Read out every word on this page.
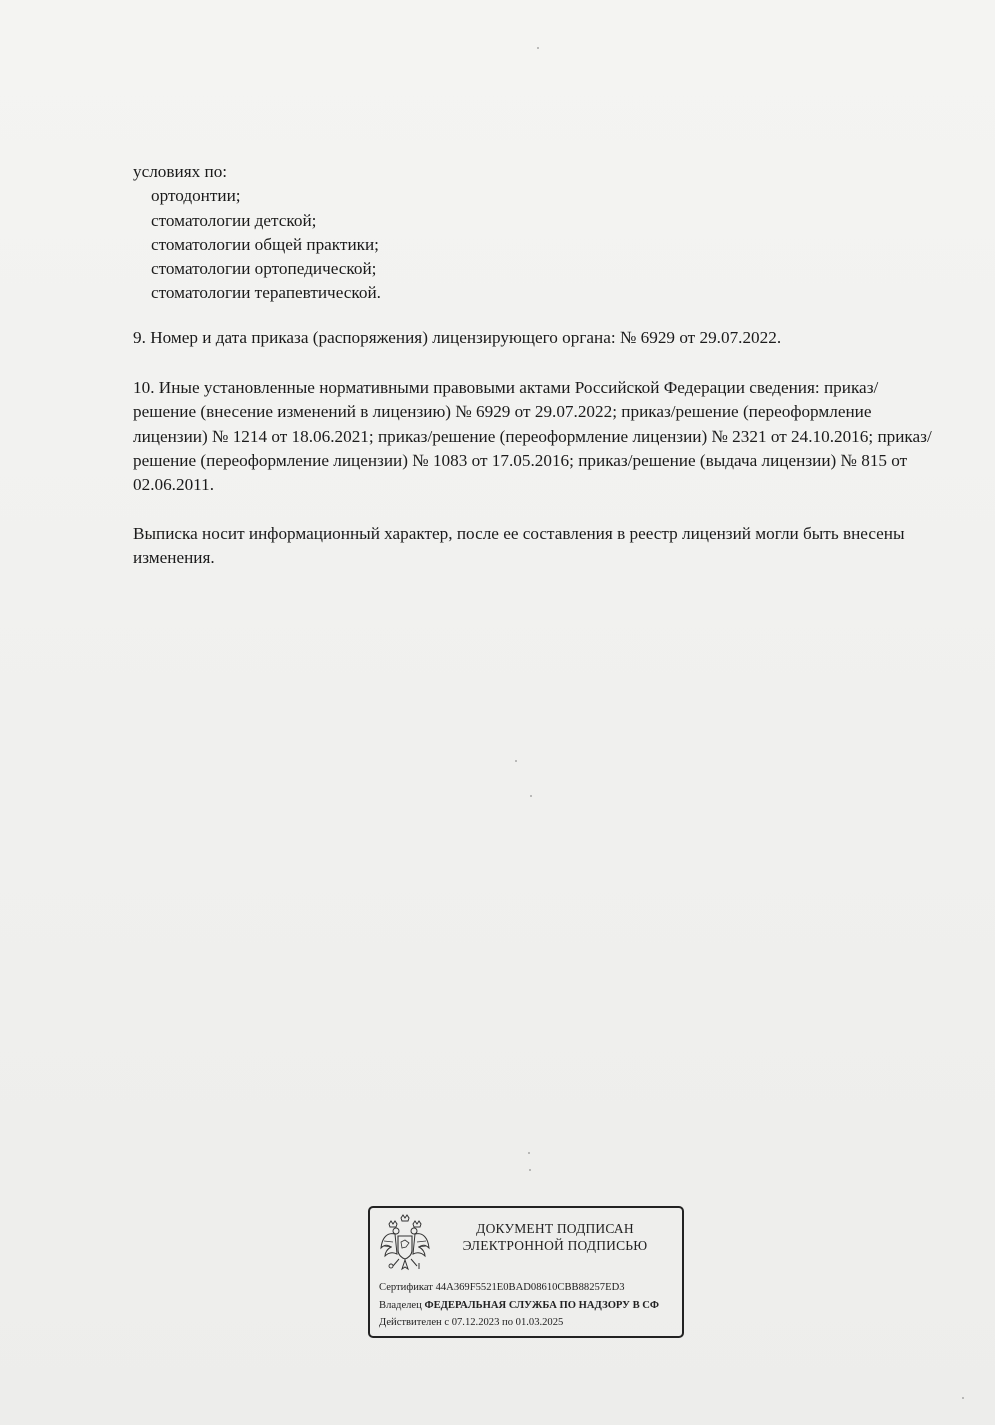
условиях по:

ортодонтии;
стоматологии детской;
стоматологии общей практики;
стоматологии ортопедической;
стоматологии терапевтической.

9. Номер и дата приказа (распоряжения) лицензирующего органа: № 6929 от 29.07.2022.

10. Иные установленные нормативными правовыми актами Российской Федерации сведения: приказ/решение (внесение изменений в лицензию) № 6929 от 29.07.2022; приказ/решение (переоформление лицензии) № 1214 от 18.06.2021; приказ/решение (переоформление лицензии) № 2321 от 24.10.2016; приказ/решение (переоформление лицензии) № 1083 от 17.05.2016; приказ/решение (выдача лицензии) № 815 от 02.06.2011.

Выписка носит информационный характер, после ее составления в реестр лицензий могли быть внесены изменения.

ДОКУМЕНТ ПОДПИСАН
ЭЛЕКТРОННОЙ ПОДПИСЬЮ
Сертификат 44A369F5521E0BAD08610CBB88257ED3
Владелец ФЕДЕРАЛЬНАЯ СЛУЖБА ПО НАДЗОРУ В СФ
Действителен с 07.12.2023 по 01.03.2025
